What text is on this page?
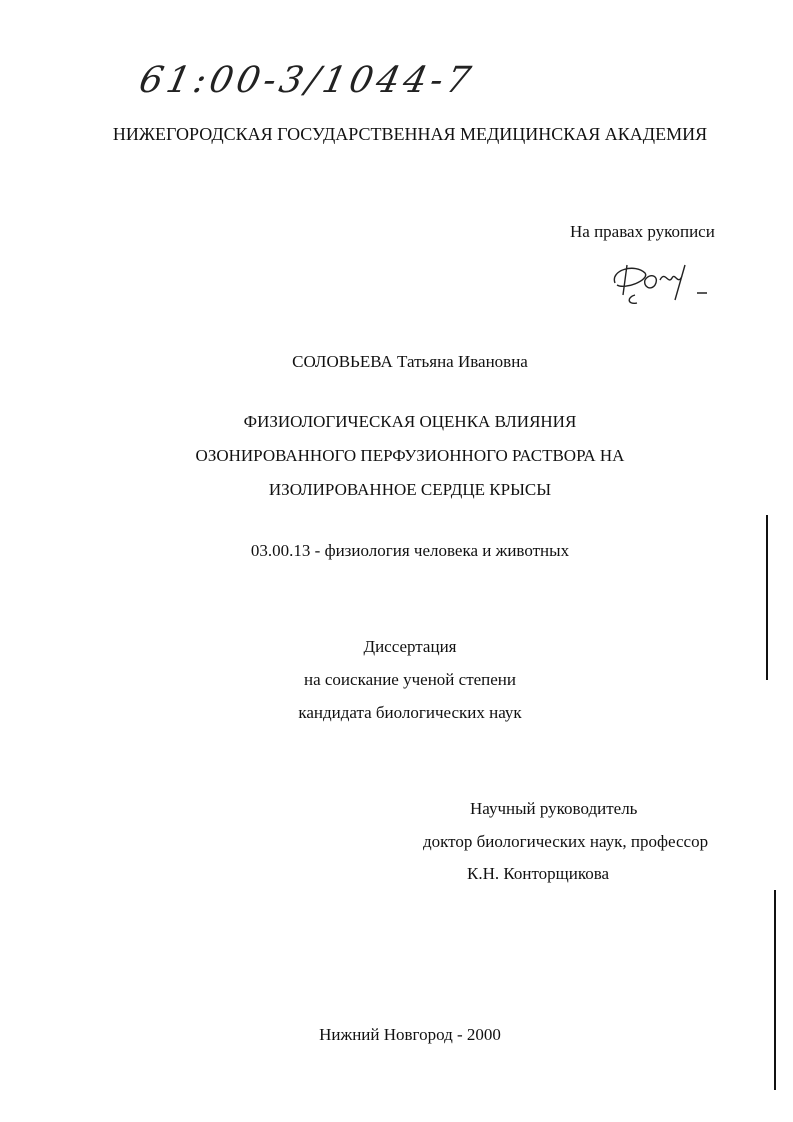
61:00-3/1044-7
НИЖЕГОРОДСКАЯ ГОСУДАРСТВЕННАЯ МЕДИЦИНСКАЯ АКАДЕМИЯ
На правах рукописи
СОЛОВЬЕВА Татьяна Ивановна
ФИЗИОЛОГИЧЕСКАЯ ОЦЕНКА ВЛИЯНИЯ
ОЗОНИРОВАННОГО ПЕРФУЗИОННОГО РАСТВОРА НА
ИЗОЛИРОВАННОЕ СЕРДЦЕ КРЫСЫ
03.00.13 - физиология человека и животных
Диссертация
на соискание ученой степени
кандидата биологических наук
Научный руководитель
доктор биологических наук, профессор
К.Н. Конторщикова
Нижний Новгород - 2000
